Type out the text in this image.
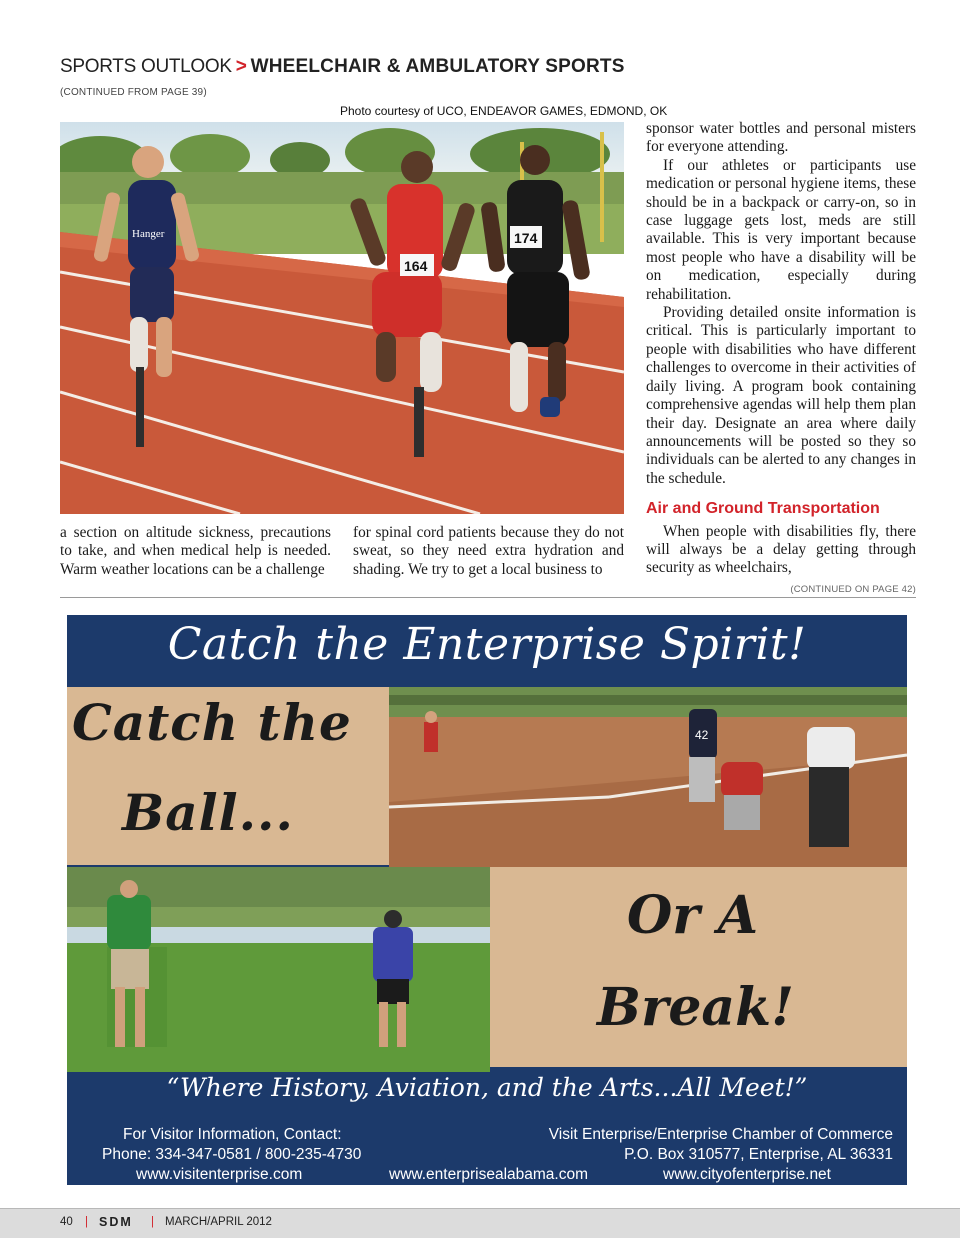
SPORTS OUTLOOK > WHEELCHAIR & AMBULATORY SPORTS
(CONTINUED FROM PAGE 39)
Photo courtesy of UCO, ENDEAVOR GAMES, EDMOND, OK
Hanger
164
174

a section on altitude sickness, precautions to take, and when medical help is needed. Warm weather locations can be a challenge

for spinal cord patients because they do not sweat, so they need extra hydration and shading. We try to get a local business to

sponsor water bottles and personal misters for everyone attending.

If our athletes or participants use medication or personal hygiene items, these should be in a backpack or carry-on, so in case luggage gets lost, meds are still available. This is very important because most people who have a disability will be on medication, especially during rehabilitation.

Providing detailed onsite information is critical. This is particularly important to people with disabilities who have different challenges to overcome in their activities of daily living. A program book containing comprehensive agendas will help them plan their day. Designate an area where daily announcements will be posted so they so individuals can be alerted to any changes in the schedule.

Air and Ground Transportation

When people with disabilities fly, there will always be a delay getting through security as wheelchairs,
(CONTINUED ON PAGE 42)

Catch the Enterprise Spirit!
42
Catch the
Ball...
Or A
Break!
“Where History, Aviation, and the Arts...All Meet!”
For Visitor Information, Contact:
Phone: 334-347-0581 / 800-235-4730
www.visitenterprise.com
Visit Enterprise/Enterprise Chamber of Commerce
P.O. Box 310577, Enterprise, AL 36331
www.cityofenterprise.net
www.enterprisealabama.com
40 | SDM | MARCH/APRIL 2012
